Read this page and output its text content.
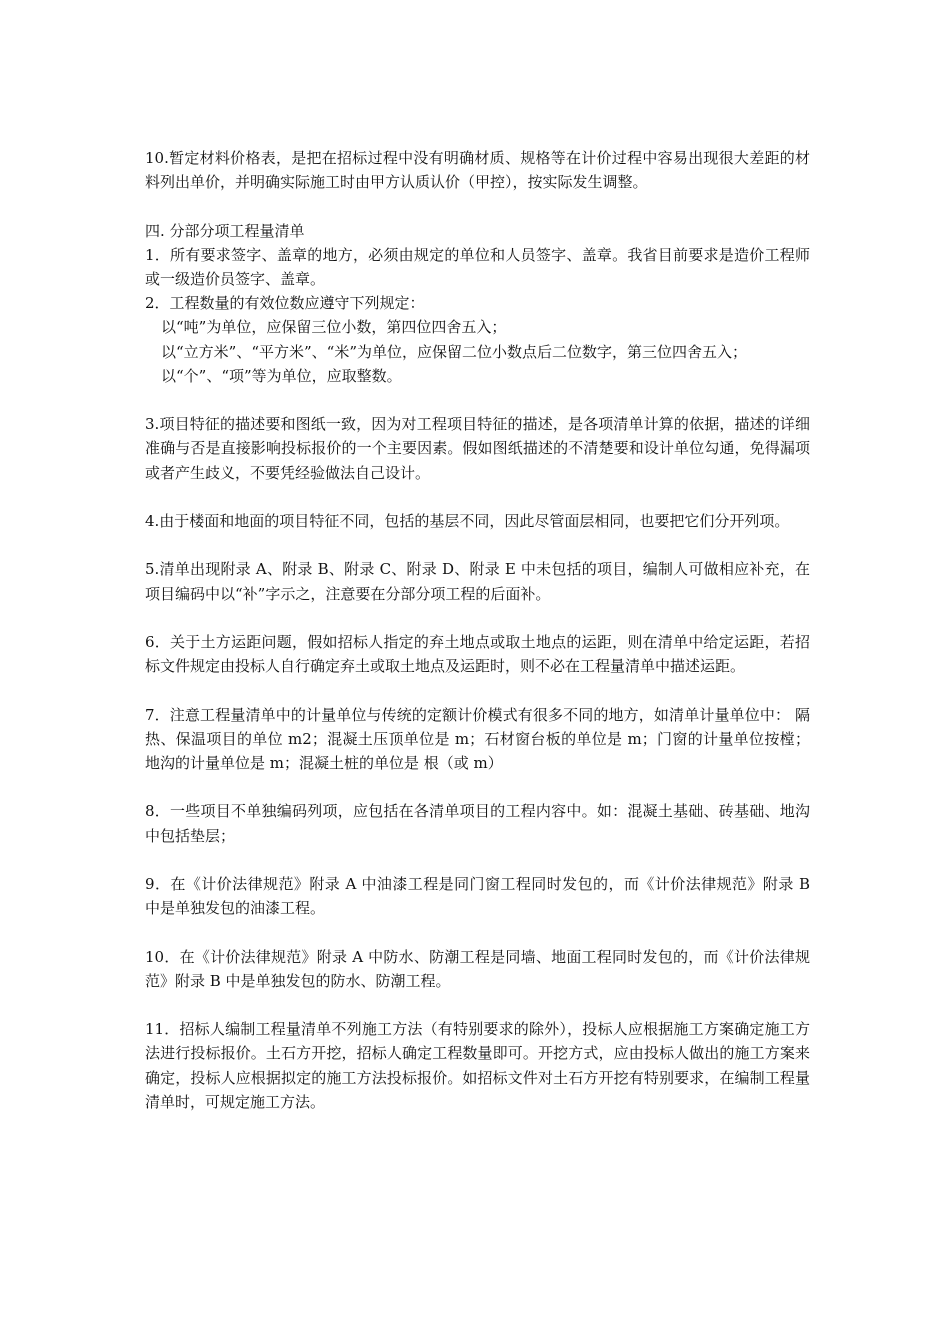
10.暂定材料价格表，是把在招标过程中没有明确材质、规格等在计价过程中容易出现很大差距的材料列出单价，并明确实际施工时由甲方认质认价（甲控），按实际发生调整。

四. 分部分项工程量清单

1．所有要求签字、盖章的地方，必须由规定的单位和人员签字、盖章。我省目前要求是造价工程师或一级造价员签字、盖章。

2．工程数量的有效位数应遵守下列规定：

以“吨”为单位，应保留三位小数，第四位四舍五入；

以“立方米”、“平方米”、“米”为单位，应保留二位小数点后二位数字，第三位四舍五入；

以“个”、“项”等为单位，应取整数。

3.项目特征的描述要和图纸一致，因为对工程项目特征的描述，是各项清单计算的依据，描述的详细准确与否是直接影响投标报价的一个主要因素。假如图纸描述的不清楚要和设计单位勾通，免得漏项或者产生歧义，不要凭经验做法自己设计。

4.由于楼面和地面的项目特征不同，包括的基层不同，因此尽管面层相同，也要把它们分开列项。

5.清单出现附录 A、附录 B、附录 C、附录 D、附录 E 中未包括的项目，编制人可做相应补充，在项目编码中以“补”字示之，注意要在分部分项工程的后面补。

6．关于土方运距问题，假如招标人指定的弃土地点或取土地点的运距，则在清单中给定运距，若招标文件规定由投标人自行确定弃土或取土地点及运距时，则不必在工程量清单中描述运距。

7．注意工程量清单中的计量单位与传统的定额计价模式有很多不同的地方，如清单计量单位中： 隔热、保温项目的单位 m2；混凝土压顶单位是 m；石材窗台板的单位是 m；门窗的计量单位按樘；地沟的计量单位是 m；混凝土桩的单位是 根（或 m）

8．一些项目不单独编码列项，应包括在各清单项目的工程内容中。如：混凝土基础、砖基础、地沟中包括垫层；

9．在《计价法律规范》附录 A 中油漆工程是同门窗工程同时发包的，而《计价法律规范》附录 B 中是单独发包的油漆工程。

10．在《计价法律规范》附录 A 中防水、防潮工程是同墙、地面工程同时发包的，而《计价法律规范》附录 B 中是单独发包的防水、防潮工程。

11．招标人编制工程量清单不列施工方法（有特别要求的除外），投标人应根据施工方案确定施工方法进行投标报价。土石方开挖，招标人确定工程数量即可。开挖方式，应由投标人做出的施工方案来确定，投标人应根据拟定的施工方法投标报价。如招标文件对土石方开挖有特别要求，在编制工程量清单时，可规定施工方法。
